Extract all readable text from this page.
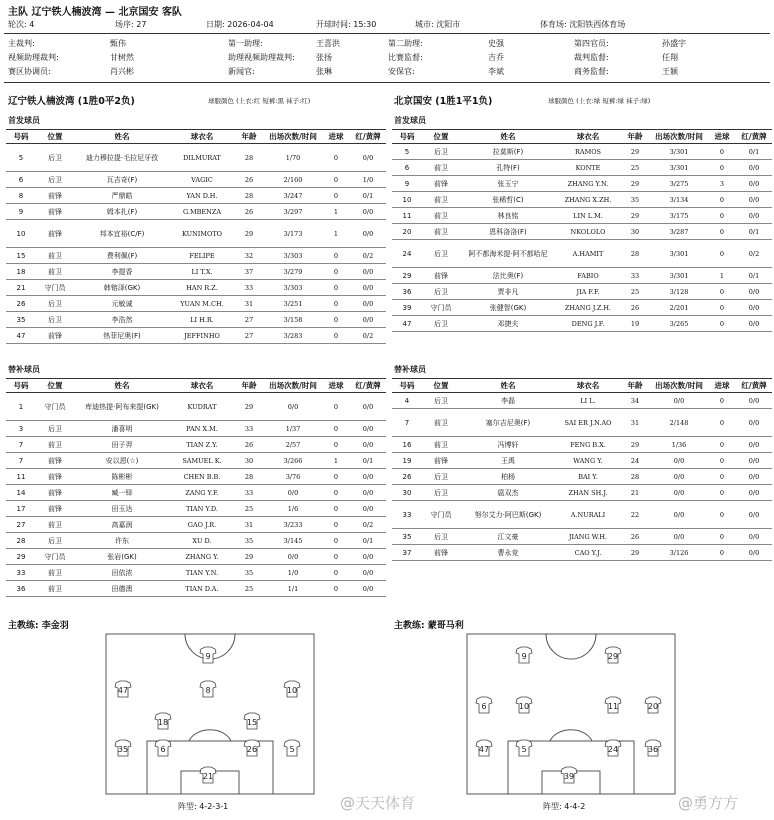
主队 辽宁铁人楠波湾 — 北京国安 客队
轮次: 4	场序: 27	日期: 2026-04-04	开球时间: 15:30	城市: 沈阳市	体育场: 沈阳铁西体育场
主裁判:	甄伟	第一助理:	王喜洪	第二助理:	史强	第四官员:	孙盛宇
视频助理裁判:	甘树然	助理视频助理裁判:	张扬	比赛监督:	吉乔	裁判监督:	任翔
赛区协调员:	肖兴彬	新闻官:	张琳	安保官:	李斌	商务监督:	王颖
辽宁铁人楠波湾 (1胜0平2负)	球服颜色 (上衣:红 短裤:黑 袜子:红)	北京国安 (1胜1平1负)	球服颜色 (上衣:绿 短裤:绿 袜子:绿)
首发球员	首发球员
号码	位置	姓名	球衣名	年龄	出场次数/时间	进球	红/黄牌
5	后卫	迪力穆拉提·毛拉尼牙孜	DILMURAT	28	1/70	0	0/0
6	后卫	瓦吉奇(F)	VAGIC	26	2/160	0	1/0
8	前锋	严鼎皓	YAN D.H.	28	3/247	0	0/1
9	前锋	姆本扎(F)	G.MBENZA	26	3/297	1	0/0
10	前锋	邦本宜裕(C/F)	KUNIMOTO	29	3/173	1	0/0
15	前卫	费利佩(F)	FELIPE	32	3/303	0	0/2
18	前卫	李提香	LI T.X.	37	3/279	0	0/0
21	守门员	韩镕泽(GK)	HAN R.Z.	33	3/303	0	0/0
26	后卫	元敏诚	YUAN M.CH.	31	3/251	0	0/0
35	后卫	李浩然	LI H.R.	27	3/158	0	0/0
47	前锋	热菲尼奥(F)	JEFFINHO	27	3/283	0	0/2
号码	位置	姓名	球衣名	年龄	出场次数/时间	进球	红/黄牌
5	后卫	拉莫斯(F)	RAMOS	29	3/301	0	0/1
6	前卫	孔特(F)	KONTE	25	3/301	0	0/0
9	前锋	张玉宁	ZHANG Y.N.	29	3/275	3	0/0
10	前卫	张稀哲(C)	ZHANG X.ZH.	35	3/134	0	0/0
11	前卫	林良铭	LIN L.M.	29	3/175	0	0/0
20	前卫	恩科洛洛(F)	NKOLOLO	30	3/287	0	0/1
24	后卫	阿不都海米提·阿不都哈尼	A.HAMIT	28	3/301	0	0/2
29	前锋	法比奥(F)	FABIO	33	3/301	1	0/1
36	后卫	贾非凡	JIA F.F.	25	3/128	0	0/0
39	守门员	张健智(GK)	ZHANG J.Z.H.	26	2/201	0	0/0
47	后卫	邓捷夫	DENG J.F.	19	3/265	0	0/0
替补球员	替补球员
号码	位置	姓名	球衣名	年龄	出场次数/时间	进球	红/黄牌
1	守门员	库迪热提·阿布来提(GK)	KUDRAT	29	0/0	0	0/0
3	后卫	潘喜明	PAN X.M.	33	1/37	0	0/0
7	前卫	田子羿	TIAN Z.Y.	26	2/57	0	0/0
7	前锋	安以恩(☆)	SAMUEL K.	30	3/266	1	0/1
11	前锋	陈彬彬	CHEN B.B.	28	3/76	0	0/0
14	前锋	臧一铎	ZANG Y.F.	33	0/0	0	0/0
17	前锋	田玉达	TIAN Y.D.	25	1/6	0	0/0
27	前卫	高嘉润	GAO J.R.	31	3/233	0	0/2
28	后卫	许东	XU D.	35	3/145	0	0/1
29	守门员	张岩(GK)	ZHANG Y.	29	0/0	0	0/0
33	前卫	田依浓	TIAN Y.N.	35	1/0	0	0/0
36	前卫	田德澳	TIAN D.A.	25	1/1	0	0/0
号码	位置	姓名	球衣名	年龄	出场次数/时间	进球	红/黄牌
4	后卫	李磊	LI L.	34	0/0	0	0/0
7	前卫	塞尔吉尼奥(F)	SAI ER J.N.AO	31	2/148	0	0/0
16	前卫	冯博轩	FENG B.X.	29	1/36	0	0/0
19	前锋	王禹	WANG Y.	24	0/0	0	0/0
26	后卫	柏杨	BAI Y.	28	0/0	0	0/0
30	后卫	扈双杰	ZHAN SH.J.	21	0/0	0	0/0
33	守门员	努尔艾力·阿巴斯(GK)	A.NURALI	22	0/0	0	0/0
35	后卫	江文豪	JIANG W.H.	26	0/0	0	0/0
37	前锋	曹永竞	CAO Y.J.	29	3/126	0	0/0
主教练: 李金羽	主教练: 蒙哥马利
9
47	8	10
18	15
35	6	26	5
21
9	29
6	10	11	20
47	5	24	36
39
阵型: 4-2-3-1	阵型: 4-4-2
@天天体育	@勇方方
